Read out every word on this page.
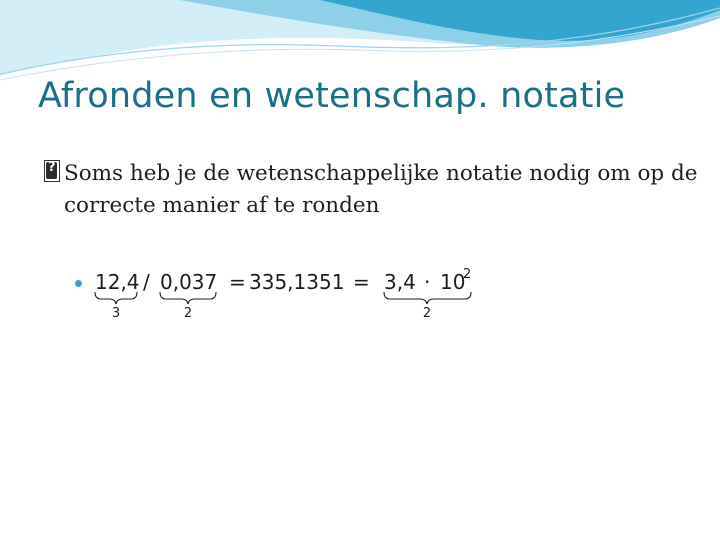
Afronden en wetenschap. notatie
?
Soms heb je de wetenschappelijke notatie nodig om op de correcte manier af te ronden
12,4 / 0,037 = 335,1351 = 3,4 · 10
2
3	2	2
